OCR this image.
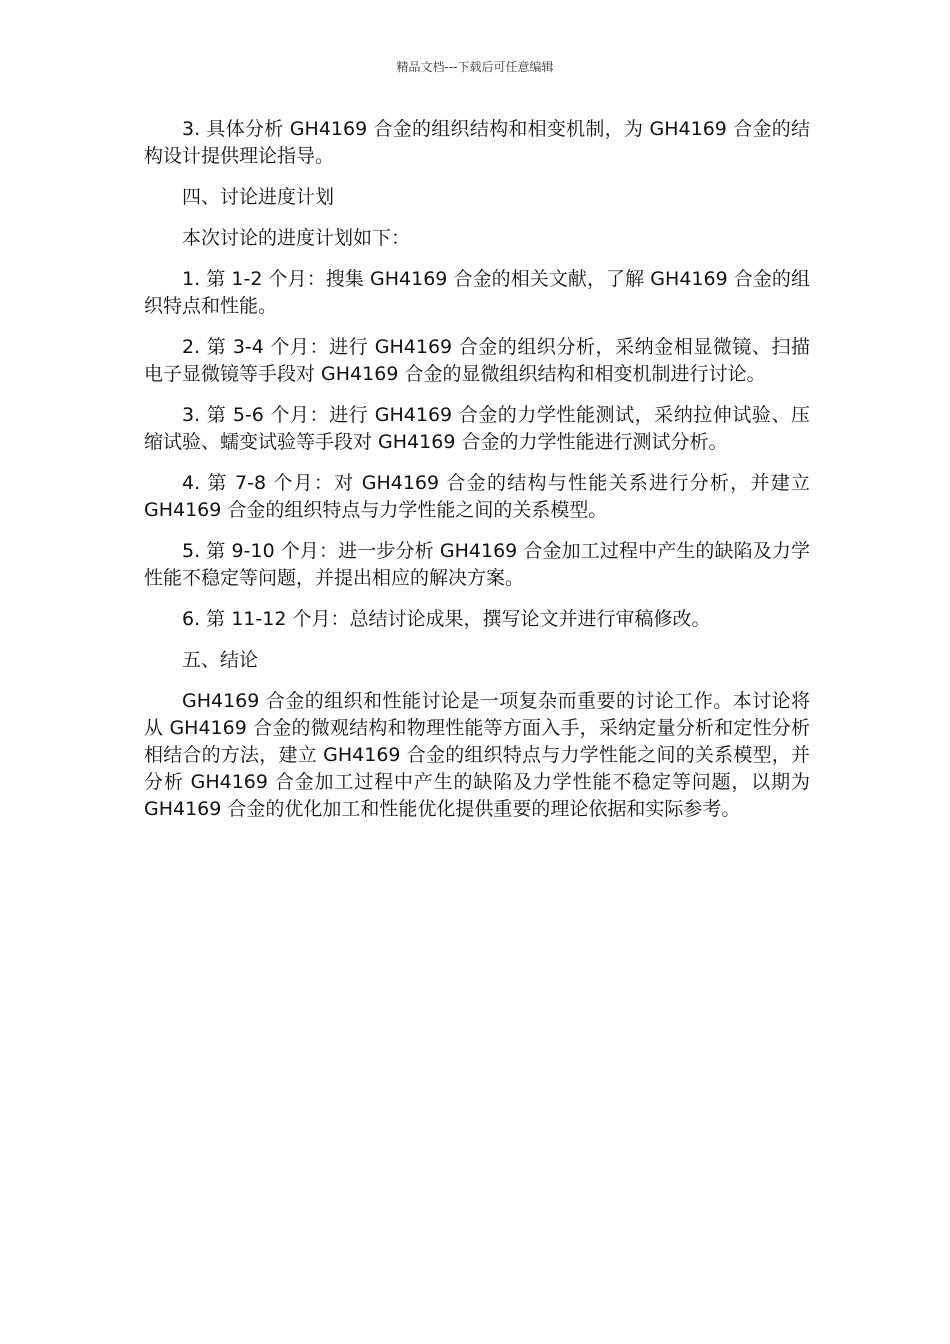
精品文档---下载后可任意编辑

3. 具体分析 GH4169 合金的组织结构和相变机制，为 GH4169 合金的结构设计提供理论指导。

四、讨论进度计划

本次讨论的进度计划如下：

1. 第 1-2 个月：搜集 GH4169 合金的相关文献，了解 GH4169 合金的组织特点和性能。

2. 第 3-4 个月：进行 GH4169 合金的组织分析，采纳金相显微镜、扫描电子显微镜等手段对 GH4169 合金的显微组织结构和相变机制进行讨论。

3. 第 5-6 个月：进行 GH4169 合金的力学性能测试，采纳拉伸试验、压缩试验、蠕变试验等手段对 GH4169 合金的力学性能进行测试分析。

4. 第 7-8 个月：对 GH4169 合金的结构与性能关系进行分析，并建立 GH4169 合金的组织特点与力学性能之间的关系模型。

5. 第 9-10 个月：进一步分析 GH4169 合金加工过程中产生的缺陷及力学性能不稳定等问题，并提出相应的解决方案。

6. 第 11-12 个月：总结讨论成果，撰写论文并进行审稿修改。

五、结论

GH4169 合金的组织和性能讨论是一项复杂而重要的讨论工作。本讨论将从 GH4169 合金的微观结构和物理性能等方面入手，采纳定量分析和定性分析相结合的方法，建立 GH4169 合金的组织特点与力学性能之间的关系模型，并分析 GH4169 合金加工过程中产生的缺陷及力学性能不稳定等问题，以期为 GH4169 合金的优化加工和性能优化提供重要的理论依据和实际参考。
